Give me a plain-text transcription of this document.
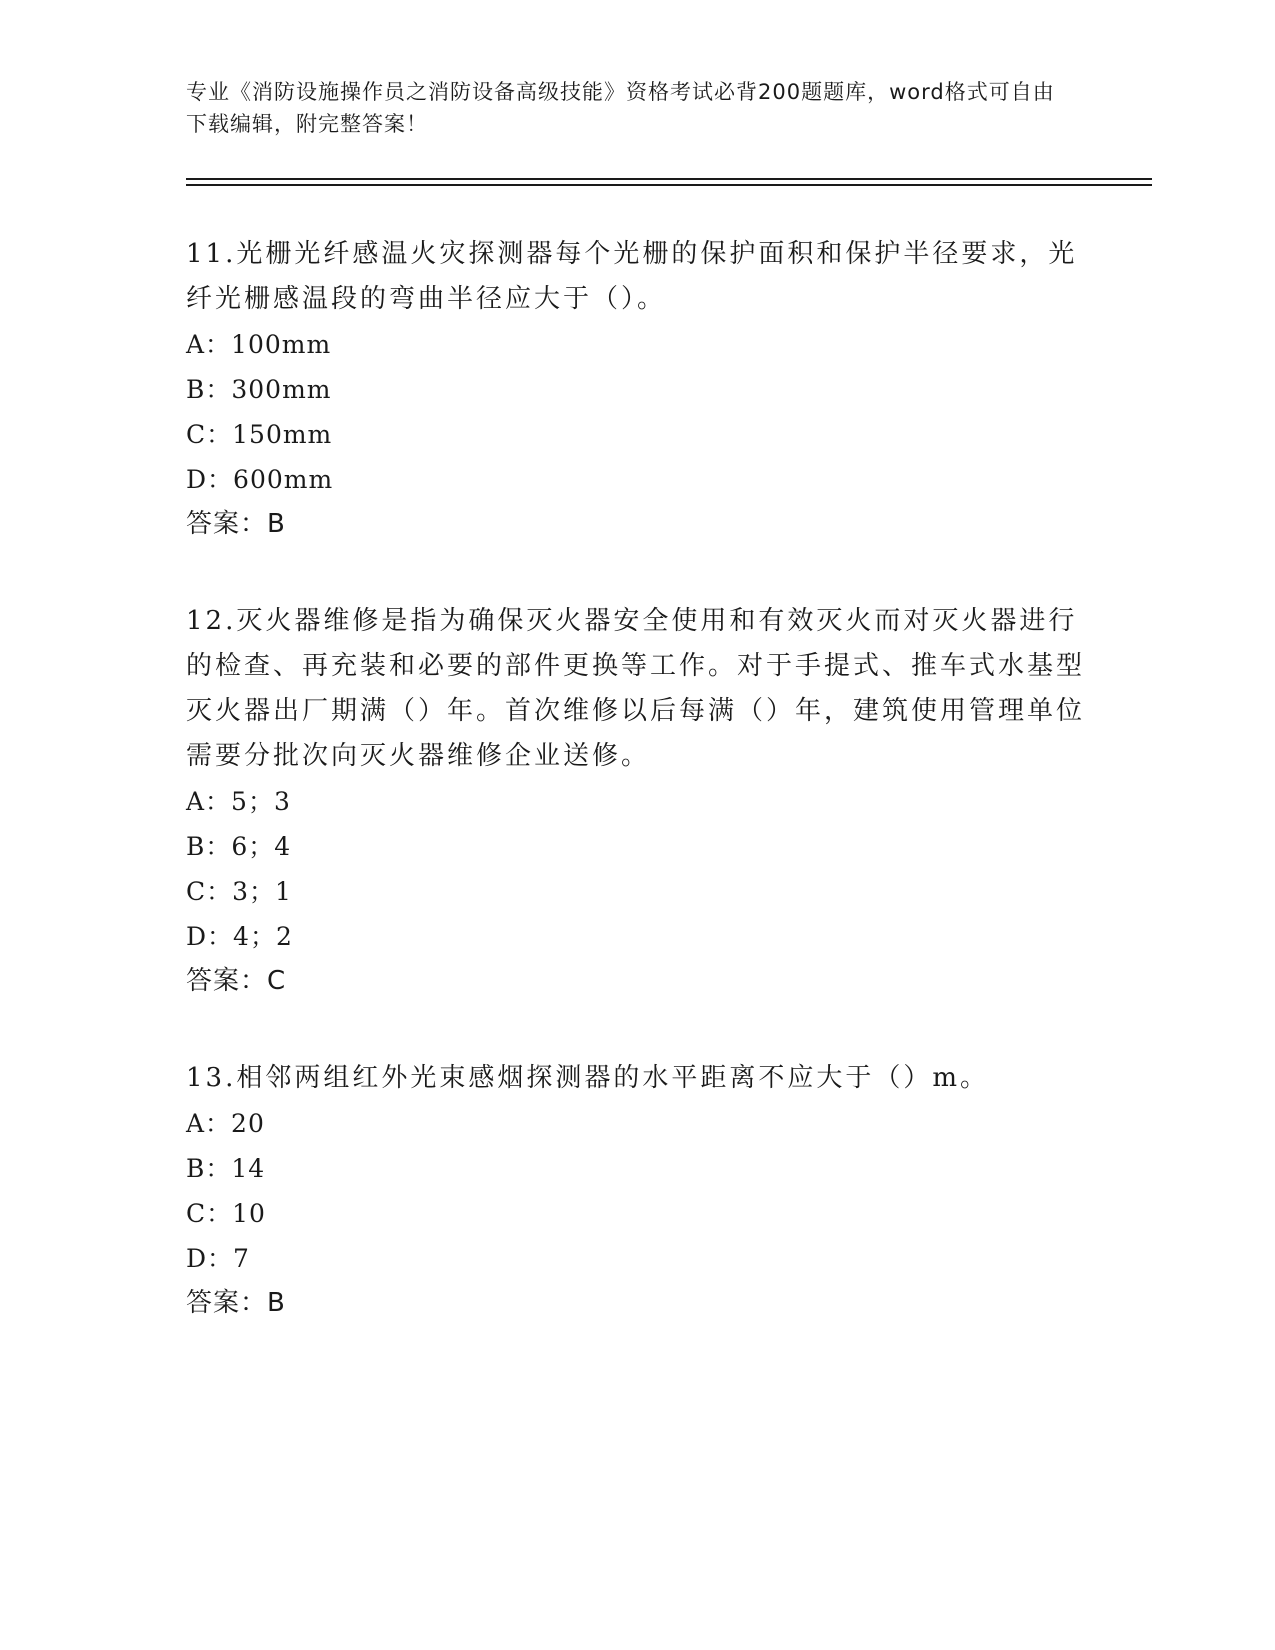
专业《消防设施操作员之消防设备高级技能》资格考试必背200题题库，word格式可自由下载编辑，附完整答案！

11.光栅光纤感温火灾探测器每个光栅的保护面积和保护半径要求，光纤光栅感温段的弯曲半径应大于（）。

A：100mm

B：300mm

C：150mm

D：600mm

答案：B

12.灭火器维修是指为确保灭火器安全使用和有效灭火而对灭火器进行的检查、再充装和必要的部件更换等工作。对于手提式、推车式水基型灭火器出厂期满（）年。首次维修以后每满（）年，建筑使用管理单位需要分批次向灭火器维修企业送修。

A：5；3

B：6；4

C：3；1

D：4；2

答案：C

13.相邻两组红外光束感烟探测器的水平距离不应大于（）m。

A：20

B：14

C：10

D：7

答案：B
